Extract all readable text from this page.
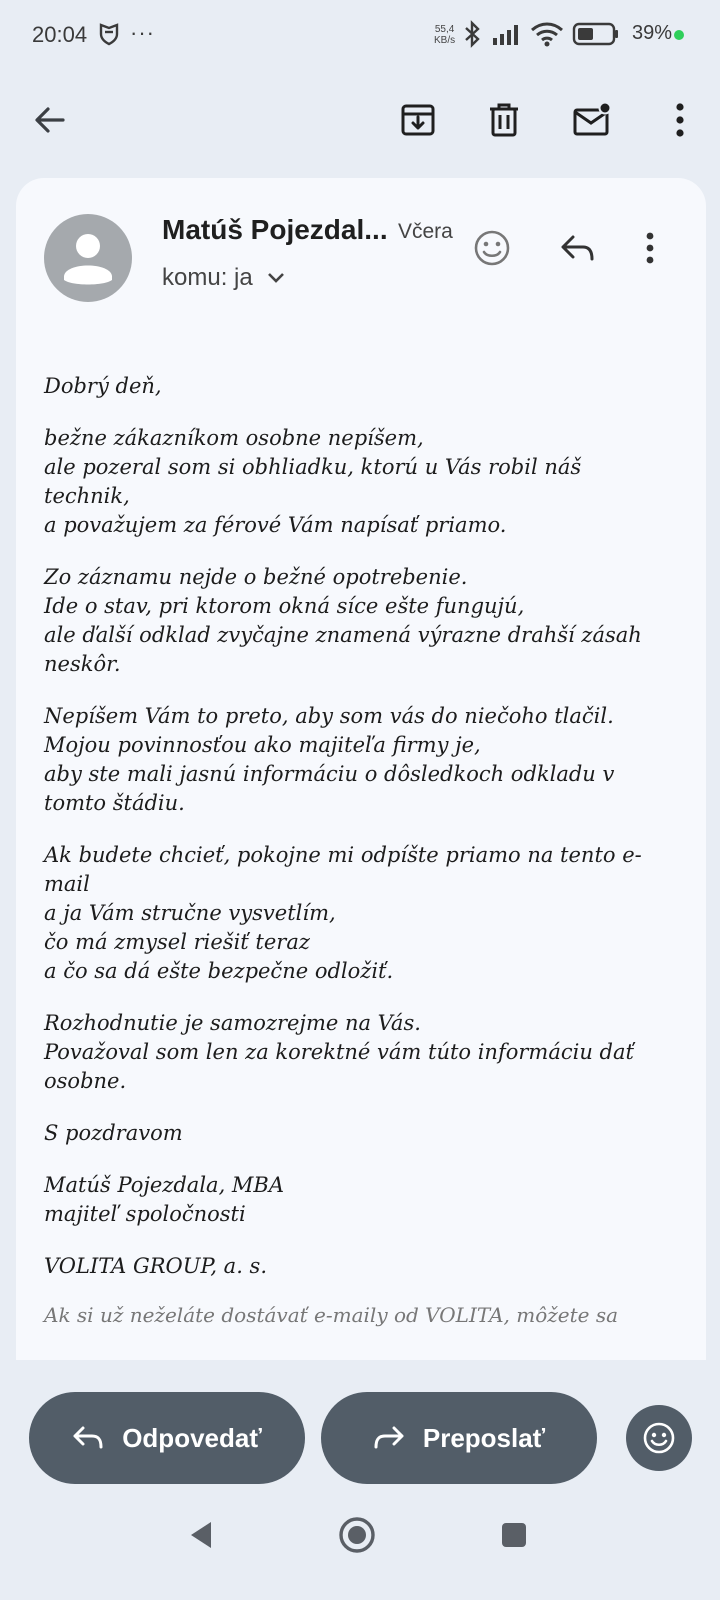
20:04 ···	55,4
KB/s	39%
Matúš Pojezdal... Včera
komu: ja

Dobrý deň,

bežne zákazníkom osobne nepíšem,
ale pozeral som si obhliadku, ktorú u Vás robil náš technik,
a považujem za férové Vám napísať priamo.

Zo záznamu nejde o bežné opotrebenie.
Ide o stav, pri ktorom okná síce ešte fungujú,
ale ďalší odklad zvyčajne znamená výrazne drahší zásah neskôr.

Nepíšem Vám to preto, aby som vás do niečoho tlačil.
Mojou povinnosťou ako majiteľa firmy je,
aby ste mali jasnú informáciu o dôsledkoch odkladu v tomto štádiu.

Ak budete chcieť, pokojne mi odpíšte priamo na tento e-mail
a ja Vám stručne vysvetlím,
čo má zmysel riešiť teraz
a čo sa dá ešte bezpečne odložiť.

Rozhodnutie je samozrejme na Vás.
Považoval som len za korektné vám túto informáciu dať osobne.

S pozdravom

Matúš Pojezdala, MBA
majiteľ spoločnosti

VOLITA GROUP, a. s.

Ak si už neželáte dostávať e-maily od VOLITA, môžete sa
Odpovedať	Preposlať
